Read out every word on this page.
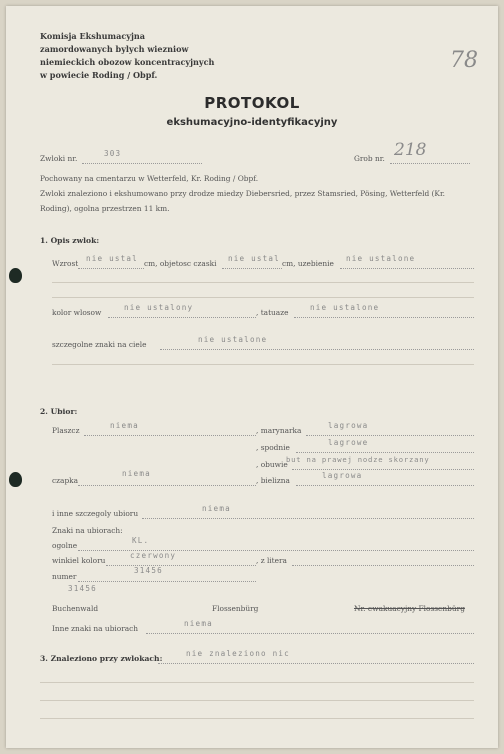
Komisja Ekshumacyjna
zamordowanych bylych wiezniow
niemieckich obozow koncentracyjnych
w powiecie Roding / Obpf.
78
PROTOKOL
ekshumacyjno-identyfikacyjny
Zwloki nr.
303
Grob nr. 218
Pochowany na cmentarzu w Wetterfeld, Kr. Roding / Obpf.
Zwloki znaleziono i ekshumowano przy drodze miedzy Diebersried, przez Stamsried, Pösing, Wetterfeld (Kr.
Roding), ogolna przestrzen 11 km.
1. Opis zwlok:
Wzrost
nie ustal
cm, objetosc czaski
nie ustal
cm, uzebienie
nie ustalone
kolor wlosow
nie ustalony
, tatuaze
nie ustalone
szczegolne znaki na ciele
nie ustalone
2. Ubior:
Plaszcz
niema
, marynarka
lagrowa
, spodnie
lagrowe
, obuwie
but na prawej nodze skorzany
czapka
niema
, bielizna
lagrowa
i inne szczegoly ubioru
niema
Znaki na ubiorach:
ogolne
KL.
winkiel koloru
czerwony
, z litera
numer
31456
31456
Buchenwald	Flossenbürg	Nr. ewakuacyjny Flossenbürg
Inne znaki na ubiorach
niema
3. Znaleziono przy zwlokach:
nie znaleziono nic
